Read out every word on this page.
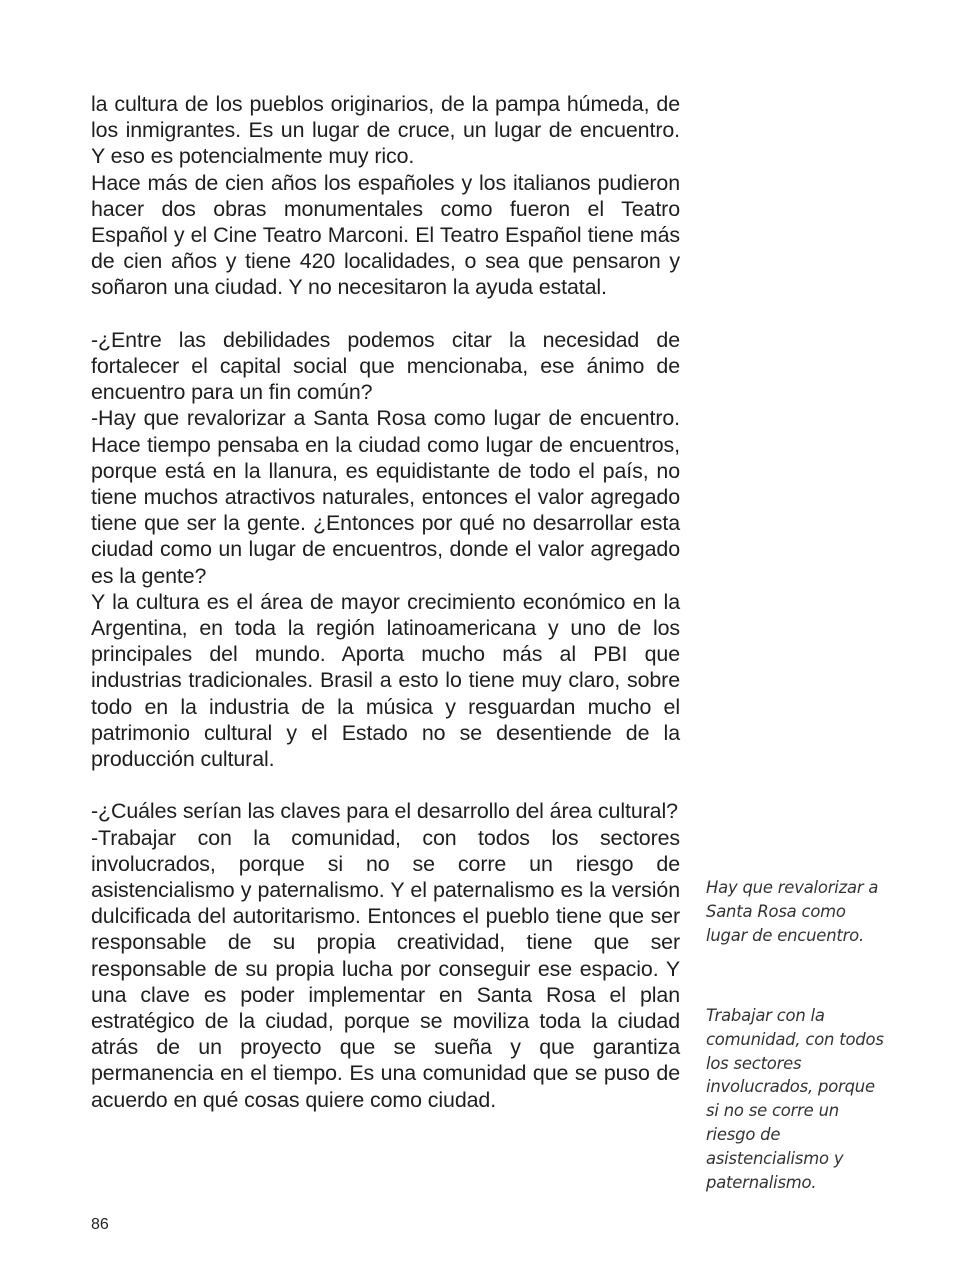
la cultura de los pueblos originarios, de la pampa húmeda, de los inmigrantes. Es un lugar de cruce, un lugar de encuentro. Y eso es potencialmente muy rico.

Hace más de cien años los españoles y los italianos pudieron hacer dos obras monumentales como fueron el Teatro Español y el Cine Teatro Marconi. El Teatro Español tiene más de cien años y tiene 420 localidades, o sea que pensaron y soñaron una ciudad. Y no necesitaron la ayuda estatal.

-¿Entre las debilidades podemos citar la necesidad de fortalecer el capital social que mencionaba, ese ánimo de encuentro para un fin común?

-Hay que revalorizar a Santa Rosa como lugar de encuentro. Hace tiempo pensaba en la ciudad como lugar de encuentros, porque está en la llanura, es equidistante de todo el país, no tiene muchos atractivos naturales, entonces el valor agregado tiene que ser la gente. ¿Entonces por qué no desarrollar esta ciudad como un lugar de encuentros, donde el valor agregado es la gente?

Y la cultura es el área de mayor crecimiento económico en la Argentina, en toda la región latinoamericana y uno de los principales del mundo. Aporta mucho más al PBI que industrias tradicionales. Brasil a esto lo tiene muy claro, sobre todo en la industria de la música y resguardan mucho el patrimonio cultural y el Estado no se desentiende de la producción cultural.

-¿Cuáles serían las claves para el desarrollo del área cultural?

-Trabajar con la comunidad, con todos los sectores involucrados, porque si no se corre un riesgo de asistencialismo y paternalismo. Y el paternalismo es la versión dulcificada del autoritarismo. Entonces el pueblo tiene que ser responsable de su propia creatividad, tiene que ser responsable de su propia lucha por conseguir ese espacio. Y una clave es poder implementar en Santa Rosa el plan estratégico de la ciudad, porque se moviliza toda la ciudad atrás de un proyecto que se sueña y que garantiza permanencia en el tiempo. Es una comunidad que se puso de acuerdo en qué cosas quiere como ciudad.

Hay que revalorizar a Santa Rosa como lugar de encuentro.
Trabajar con la comunidad, con todos los sectores involucrados, porque si no se corre un riesgo de asistencialismo y paternalismo.
86
